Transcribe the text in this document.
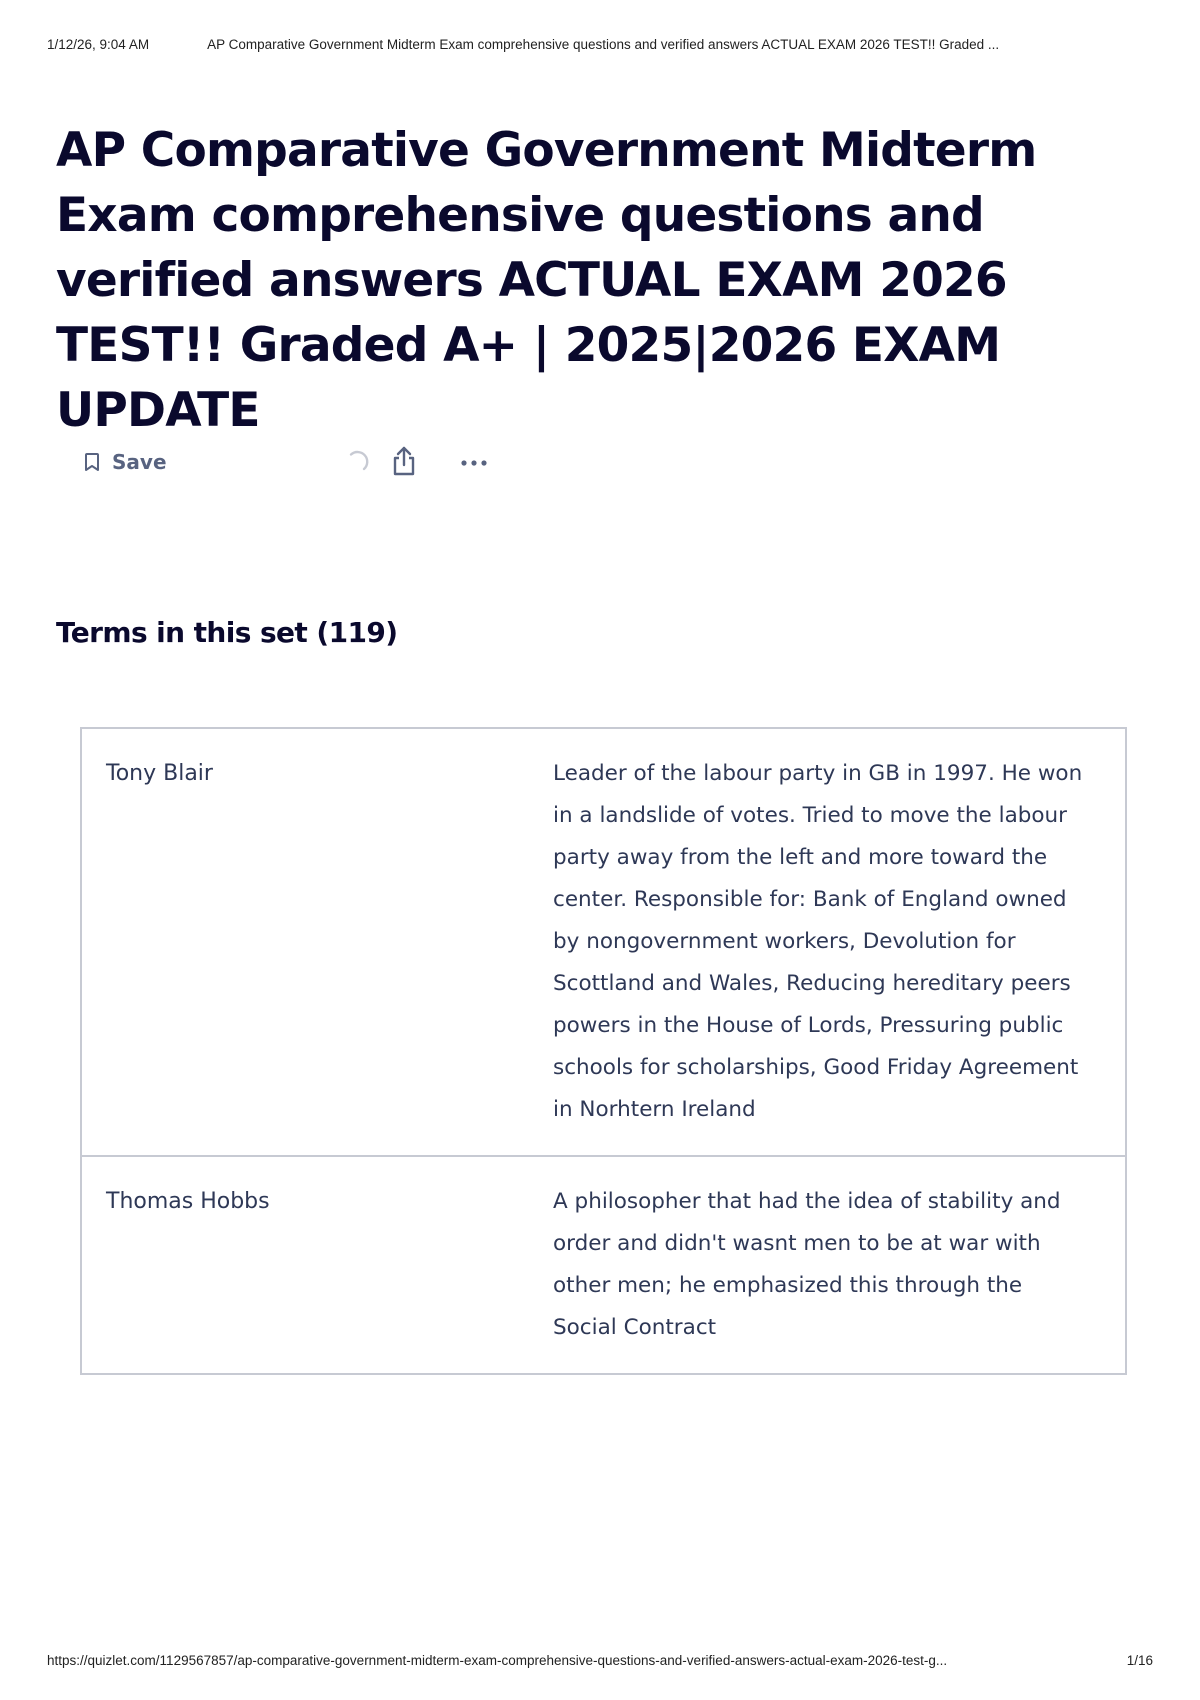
1/12/26, 9:04 AM	AP Comparative Government Midterm Exam comprehensive questions and verified answers ACTUAL EXAM 2026 TEST!! Graded ...
AP Comparative Government Midterm Exam comprehensive questions and verified answers ACTUAL EXAM 2026 TEST!! Graded A+ | 2025|2026 EXAM UPDATE
Save
Terms in this set (119)
Tony Blair	Leader of the labour party in GB in 1997. He won in a landslide of votes. Tried to move the labour party away from the left and more toward the center. Responsible for: Bank of England owned by nongovernment workers, Devolution for Scottland and Wales, Reducing hereditary peers powers in the House of Lords, Pressuring public schools for scholarships, Good Friday Agreement in Norhtern Ireland
Thomas Hobbs	A philosopher that had the idea of stability and order and didn't wasnt men to be at war with other men; he emphasized this through the Social Contract
https://quizlet.com/1129567857/ap-comparative-government-midterm-exam-comprehensive-questions-and-verified-answers-actual-exam-2026-test-g...	1/16
